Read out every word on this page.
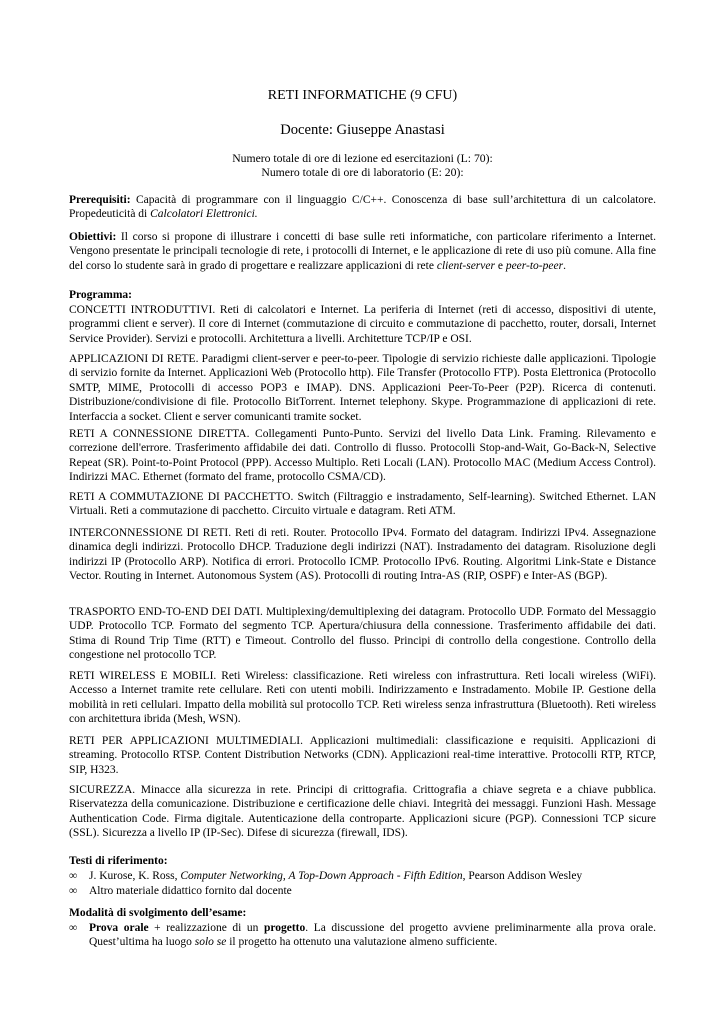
RETI INFORMATICHE (9 CFU)
Docente: Giuseppe Anastasi
Numero totale di ore di lezione ed esercitazioni (L: 70):
Numero totale di ore di laboratorio (E: 20):
Prerequisiti: Capacità di programmare con il linguaggio C/C++. Conoscenza di base sull’architettura di un calcolatore. Propedeuticità di Calcolatori Elettronici.
Obiettivi: Il corso si propone di illustrare i concetti di base sulle reti informatiche, con particolare riferimento a Internet. Vengono presentate le principali tecnologie di rete, i protocolli di Internet, e le applicazione di rete di uso più comune. Alla fine del corso lo studente sarà in grado di progettare e realizzare applicazioni di rete client-server e peer-to-peer.
Programma:
CONCETTI INTRODUTTIVI. Reti di calcolatori e Internet. La periferia di Internet (reti di accesso, dispositivi di utente, programmi client e server). Il core di Internet (commutazione di circuito e commutazione di pacchetto, router, dorsali, Internet Service Provider). Servizi e protocolli. Architettura a livelli. Architetture TCP/IP e OSI.
APPLICAZIONI DI RETE. Paradigmi client-server e peer-to-peer. Tipologie di servizio richieste dalle applicazioni. Tipologie di servizio fornite da Internet. Applicazioni Web (Protocollo http). File Transfer (Protocollo FTP). Posta Elettronica (Protocollo SMTP, MIME, Protocolli di accesso POP3 e IMAP). DNS. Applicazioni Peer-To-Peer (P2P). Ricerca di contenuti. Distribuzione/condivisione di file. Protocollo BitTorrent. Internet telephony. Skype. Programmazione di applicazioni di rete. Interfaccia a socket. Client e server comunicanti tramite socket.
RETI A CONNESSIONE DIRETTA. Collegamenti Punto-Punto. Servizi del livello Data Link. Framing. Rilevamento e correzione dell'errore. Trasferimento affidabile dei dati. Controllo di flusso. Protocolli Stop-and-Wait, Go-Back-N, Selective Repeat (SR). Point-to-Point Protocol (PPP). Accesso Multiplo. Reti Locali (LAN). Protocollo MAC (Medium Access Control). Indirizzi MAC. Ethernet (formato del frame, protocollo CSMA/CD).
RETI A COMMUTAZIONE DI PACCHETTO. Switch (Filtraggio e instradamento, Self-learning). Switched Ethernet. LAN Virtuali. Reti a commutazione di pacchetto. Circuito virtuale e datagram. Reti ATM.
INTERCONNESSIONE DI RETI. Reti di reti. Router. Protocollo IPv4. Formato del datagram. Indirizzi IPv4. Assegnazione dinamica degli indirizzi. Protocollo DHCP. Traduzione degli indirizzi (NAT). Instradamento dei datagram. Risoluzione degli indirizzi IP (Protocollo ARP). Notifica di errori. Protocollo ICMP. Protocollo IPv6. Routing. Algoritmi Link-State e Distance Vector. Routing in Internet. Autonomous System (AS). Protocolli di routing Intra-AS (RIP, OSPF) e Inter-AS (BGP).
TRASPORTO END-TO-END DEI DATI. Multiplexing/demultiplexing dei datagram. Protocollo UDP. Formato del Messaggio UDP. Protocollo TCP. Formato del segmento TCP. Apertura/chiusura della connessione. Trasferimento affidabile dei dati. Stima di Round Trip Time (RTT) e Timeout. Controllo del flusso. Principi di controllo della congestione. Controllo della congestione nel protocollo TCP.
RETI WIRELESS E MOBILI. Reti Wireless: classificazione. Reti wireless con infrastruttura. Reti locali wireless (WiFi). Accesso a Internet tramite rete cellulare. Reti con utenti mobili. Indirizzamento e Instradamento. Mobile IP. Gestione della mobilità in reti cellulari. Impatto della mobilità sul protocollo TCP. Reti wireless senza infrastruttura (Bluetooth). Reti wireless con architettura ibrida (Mesh, WSN).
RETI PER APPLICAZIONI MULTIMEDIALI. Applicazioni multimediali: classificazione e requisiti. Applicazioni di streaming. Protocollo RTSP. Content Distribution Networks (CDN). Applicazioni real-time interattive. Protocolli RTP, RTCP, SIP, H323.
SICUREZZA. Minacce alla sicurezza in rete. Principi di crittografia. Crittografia a chiave segreta e a chiave pubblica. Riservatezza della comunicazione. Distribuzione e certificazione delle chiavi. Integrità dei messaggi. Funzioni Hash. Message Authentication Code. Firma digitale. Autenticazione della controparte. Applicazioni sicure (PGP). Connessioni TCP sicure (SSL). Sicurezza a livello IP (IP-Sec). Difese di sicurezza (firewall, IDS).
Testi di riferimento:
∞	J. Kurose, K. Ross, Computer Networking, A Top-Down Approach - Fifth Edition, Pearson Addison Wesley
∞	Altro materiale didattico fornito dal docente
Modalità di svolgimento dell’esame:
∞	Prova orale + realizzazione di un progetto. La discussione del progetto avviene preliminarmente alla prova orale. Quest’ultima ha luogo solo se il progetto ha ottenuto una valutazione almeno sufficiente.
